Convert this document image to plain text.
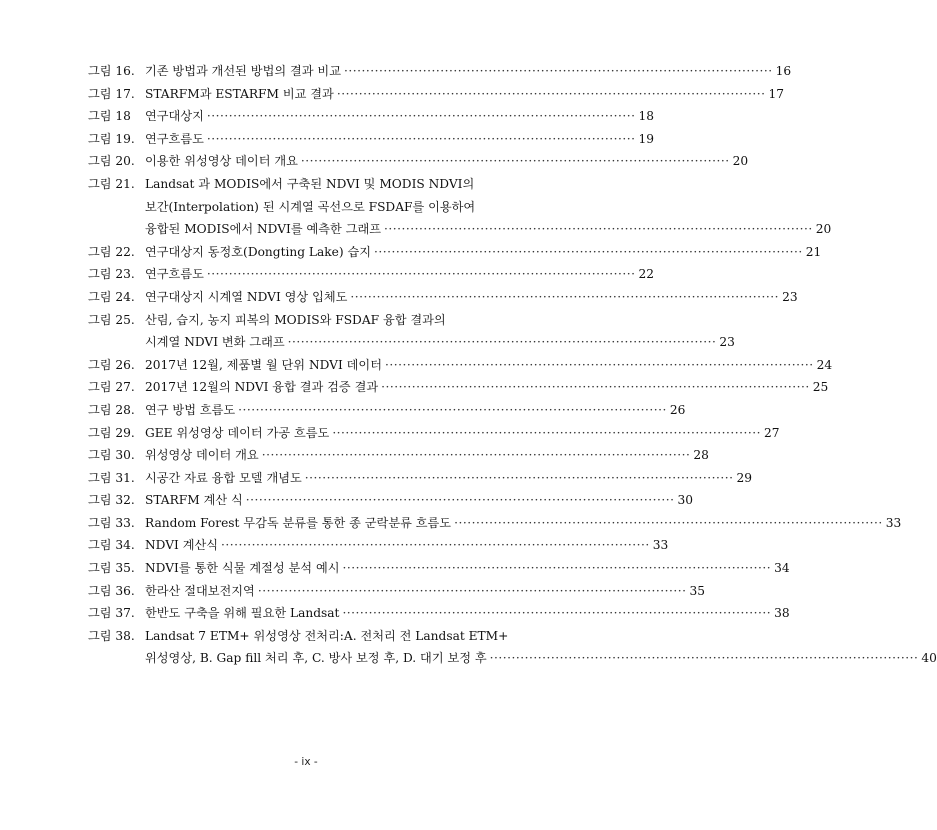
그림 16. 기존 방법과 개선된 방법의 결과 비교 ·····	16
그림 17. STARFM과 ESTARFM 비교 결과 ·····	17
그림 18	연구대상지 ·····	18
그림 19. 연구흐름도 ·····	19
그림 20. 이용한 위성영상 데이터 개요 ·····	20
그림 21. Landsat 과 MODIS에서 구축된 NDVI 및 MODIS NDVI의
보간(Interpolation) 된 시계열 곡선으로 FSDAF를 이용하여
융합된 MODIS에서 NDVI를 예측한 그래프 ·····	20
그림 22. 연구대상지 동정호(Dongting Lake) 습지 ·····	21
그림 23. 연구흐름도 ·····	22
그림 24. 연구대상지 시계열 NDVI 영상 입체도 ·····	23
그림 25. 산림, 습지, 농지 피복의 MODIS와 FSDAF 융합 결과의
시계열 NDVI 변화 그래프 ·····	23
그림 26. 2017년 12월, 제품별 월 단위 NDVI 데이터 ·····	24
그림 27. 2017년 12월의 NDVI 융합 결과 검증 결과 ·····	25
그림 28. 연구 방법 흐름도 ·····	26
그림 29. GEE 위성영상 데이터 가공 흐름도 ·····	27
그림 30. 위성영상 데이터 개요 ·····	28
그림 31. 시공간 자료 융합 모델 개념도 ·····	29
그림 32. STARFM 계산 식 ·····	30
그림 33. Random Forest 무감독 분류를 통한 종 군락분류 흐름도 ·····	33
그림 34. NDVI 계산식 ·····	33
그림 35. NDVI를 통한 식물 계절성 분석 예시 ·····	34
그림 36. 한라산 절대보전지역 ·····	35
그림 37. 한반도 구축을 위해 필요한 Landsat ·····	38
그림 38. Landsat 7 ETM+ 위성영상 전처리:A. 전처리 전 Landsat ETM+
위성영상, B. Gap fill 처리 후, C. 방사 보정 후, D. 대기 보정 후 ·····	40
- ix -
